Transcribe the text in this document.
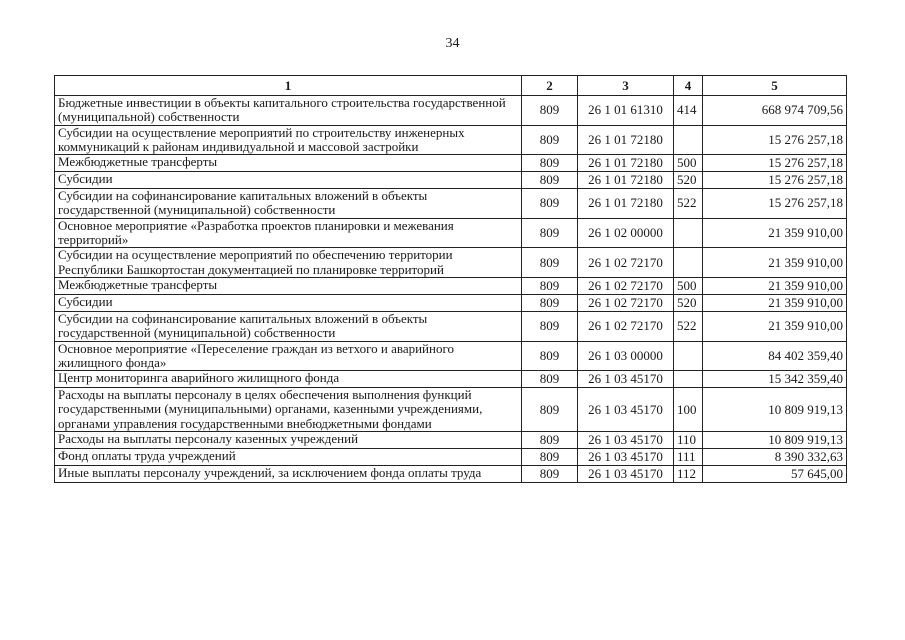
34
1	2	3	4	5
Бюджетные инвестиции в объекты капитального строительства государственной (муниципальной) собственности	809	26 1 01 61310	414	668 974 709,56
Субсидии на осуществление мероприятий по строительству инженерных коммуникаций к районам индивидуальной и массовой застройки	809	26 1 01 72180		15 276 257,18
Межбюджетные трансферты	809	26 1 01 72180	500	15 276 257,18
Субсидии	809	26 1 01 72180	520	15 276 257,18
Субсидии на софинансирование капитальных вложений в объекты государственной (муниципальной) собственности	809	26 1 01 72180	522	15 276 257,18
Основное мероприятие «Разработка проектов планировки и межевания территорий»	809	26 1 02 00000		21 359 910,00
Субсидии на осуществление мероприятий по обеспечению территории Республики Башкортостан документацией по планировке территорий	809	26 1 02 72170		21 359 910,00
Межбюджетные трансферты	809	26 1 02 72170	500	21 359 910,00
Субсидии	809	26 1 02 72170	520	21 359 910,00
Субсидии на софинансирование капитальных вложений в объекты государственной (муниципальной) собственности	809	26 1 02 72170	522	21 359 910,00
Основное мероприятие «Переселение граждан из ветхого и аварийного жилищного фонда»	809	26 1 03 00000		84 402 359,40
Центр мониторинга аварийного жилищного фонда	809	26 1 03 45170		15 342 359,40
Расходы на выплаты персоналу в целях обеспечения выполнения функций государственными (муниципальными) органами, казенными учреждениями, органами управления государственными внебюджетными фондами	809	26 1 03 45170	100	10 809 919,13
Расходы на выплаты персоналу казенных учреждений	809	26 1 03 45170	110	10 809 919,13
Фонд оплаты труда учреждений	809	26 1 03 45170	111	8 390 332,63
Иные выплаты персоналу учреждений, за исключением фонда оплаты труда	809	26 1 03 45170	112	57 645,00
